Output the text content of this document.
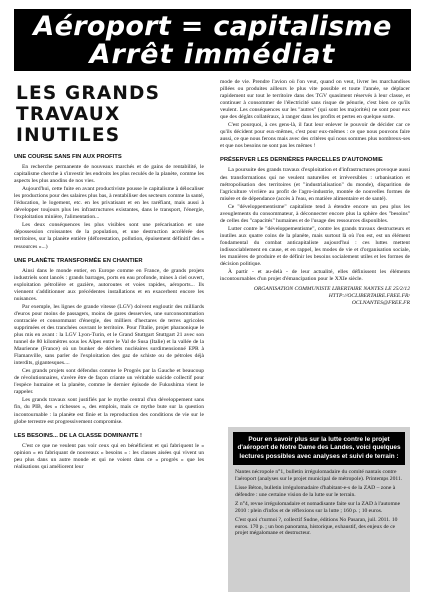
Aéroport = capitalisme
Arrêt immédiat
LES GRANDS TRAVAUX INUTILES
UNE COURSE SANS FIN AUX PROFITS

En recherche permanente de nouveaux marchés et de gains de rentabilité, le capitalisme cherche à s'investir les endroits les plus reculés de la planète, comme les aspects les plus anodins de nos vies.

Aujourd'hui, cette fuite en avant productiviste pousse le capitalisme à délocaliser les productions pour des salaires plus bas, à rentabiliser des secteurs comme la santé, l'éducation, le logement, etc. en les privatisant et en les raréfiant, mais aussi à développer toujours plus les infrastructures existantes, dans le transport, l'énergie, l'exploitation minière, l'alimentation...

Les deux conséquences les plus visibles sont une précarisation et une dépossession croissantes de la population, et une destruction accélérée des territoires, sur la planète entière (déforestation, pollution, épuisement définitif des « ressources »...)

UNE PLANÈTE TRANSFORMÉE EN CHANTIER

Ainsi dans le monde entier, en Europe comme en France, de grands projets industriels sont lancés : grands barrages, ports en eau profonde, mines à ciel ouvert, exploitation pétrolière et gazière, autoroutes et voies rapides, aéroports... Ils viennent s'additionner aux précédentes installations et en exacerbent encore les nuisances.

Par exemple, les lignes de grande vitesse (LGV) doivent engloutir des milliards d'euros pour moins de passagers, moins de gares desservies, une surconsommation contraciée et consommant d'énergie, des milliers d'hectares de terres agricoles supprimées et des tranchées ouvrant le territoire. Pour l'Italie, projet pharaonique le plus mis en avant : la LGV Lyon-Turin, et le Grand Stuttgart Stuttgart 21 avec son tunnel de 80 kilomètres sous les Alpes entre le Val de Susa (Italie) et la vallée de la Maurienne (France) où un bunker de déchets nucléaires surdimensionné EPR à Flamanville, sans parler de l'exploitation des gaz de schiste ou de pétroles déjà interdits, gigantesques....

Ces grands projets sont défendus comme le Progrès par la Gauche et beaucoup de révolutionnaires, s'avère être de façon criante un véritable suicide collectif pour l'espèce humaine et la planète, comme le dernier épisode de Fukushima vient le rappeler.

Les grands travaux sont justifiés par le mythe central d'un développement sans fin, du PIB, des « richesses », des emplois, mais ce mythe bute sur la question incontournable : la planète est finie et la reproduction des conditions de vie sur le globe terrestre est progressivement compromise.

LES BESOINS... DE LA CLASSE DOMINANTE !

C'est ce que ne veulent pas voir ceux qui en bénéficient et qui fabriquent le « opinion » en fabriquant de nouveaux « besoins » : les classes aisées qui vivent un peu plus dans un autre monde et qui ne voient dans ce « progrès » que les réalisations qui améliorent leur

mode de vie. Prendre l'avion où l'on veut, quand on veut, livrer les marchandises pillées ou produites ailleurs le plus vite possible et toute l'année, se déplacer rapidement sur tout le territoire dans des TGV quasiment réservés à leur classe, et continuer à consommer de l'électricité sans risque de pénurie, c'est bien ce qu'ils veulent. Les conséquences sur les "autres" (qui sont les majorités) ne sont pour eux que des dégâts collatéraux, à ranger dans les profits et pertes en quelque sorte.

C'est pourquoi, à ces gens-là, il faut leur enlever le pouvoir de décider car ce qu'ils décident pour eux-mêmes, c'est pour eux-mêmes : ce que nous pouvons faire aussi, ce que nous ferons mais avec des critères qui nous sommes plus nombreux-ses et que nos besoins ne sont pas les mêmes !

PRÉSERVER LES DERNIÈRES PARCELLES D'AUTONOMIE

La poursuite des grands travaux d'exploitation et d'infrastructures provoque aussi des transformations qui ne veulent naturelles et irréversibles : urbanisation et métropolisation des territoires (et "industrialisation" du monde), disparition de l'agriculture vivrière au profit de l'agro-industrie, montée de nouvelles formes de misère et de dépendance (accès à l'eau, en matière alimentaire et de santé).

Ce "développementisme" capitaliste tend à étendre encore un peu plus les aveuglements du consommateur, à déconnecter encore plus la sphère des "besoins" de celles des "capacités" humaines et de l'usage des ressources disponibles.

Lutter contre le "développementisme", contre les grands travaux destructeurs et inutiles aux quatre coins de la planète, mais surtout là où l'on est, est un élément fondamental du combat anticapitaliste aujourd'hui : ces luttes mettent indissociablement en cause, et en rappel, les modes de vie et d'organisation sociale, les manières de produire et de définir les besoins socialement utiles et les formes de décision politique.

À partir - et au-delà - de leur actualité, elles définissent les éléments incontournables d'un projet d'émancipation pour le XXIe siècle.

ORGANISATION COMMUNISTE LIBERTAIRE NANTES LE 25/2/12
HTTP://OCLIBERTAIRE.FREE.FR/
OCLNANTES@FREE.FR
Pour en savoir plus sur la lutte contre le projet d'aéroport de Notre Dame des Landes, voici quelques lectures possibles avec analyses et suivi de terrain :
Nantes nécropole n°1, bulletin irrégulomadaire du comité nantais contre l'aéroport (analyses sur le projet municipal de métropole). Printemps 2011.
Lisse Béton, bulletin irrégulomadaire d'habitant-e-s de la ZAD – zone à défendre : une certaine vision de la lutte sur le terrain.
Z n°4, revue irrégulomadaire et nomadisante faite sur la ZAD à l'automne 2010 : plein d'infos et de réflexions sur la lutte ; 160 p. ; 10 euros.
C'est quoi c'turmoi ?, collectif Sudne, éditions No Pasaran, juil. 2011. 10 euros. 170 p. ; un bon panorama, historique, exhaustif, des enjeux de ce projet mégalomane et destructeur.
